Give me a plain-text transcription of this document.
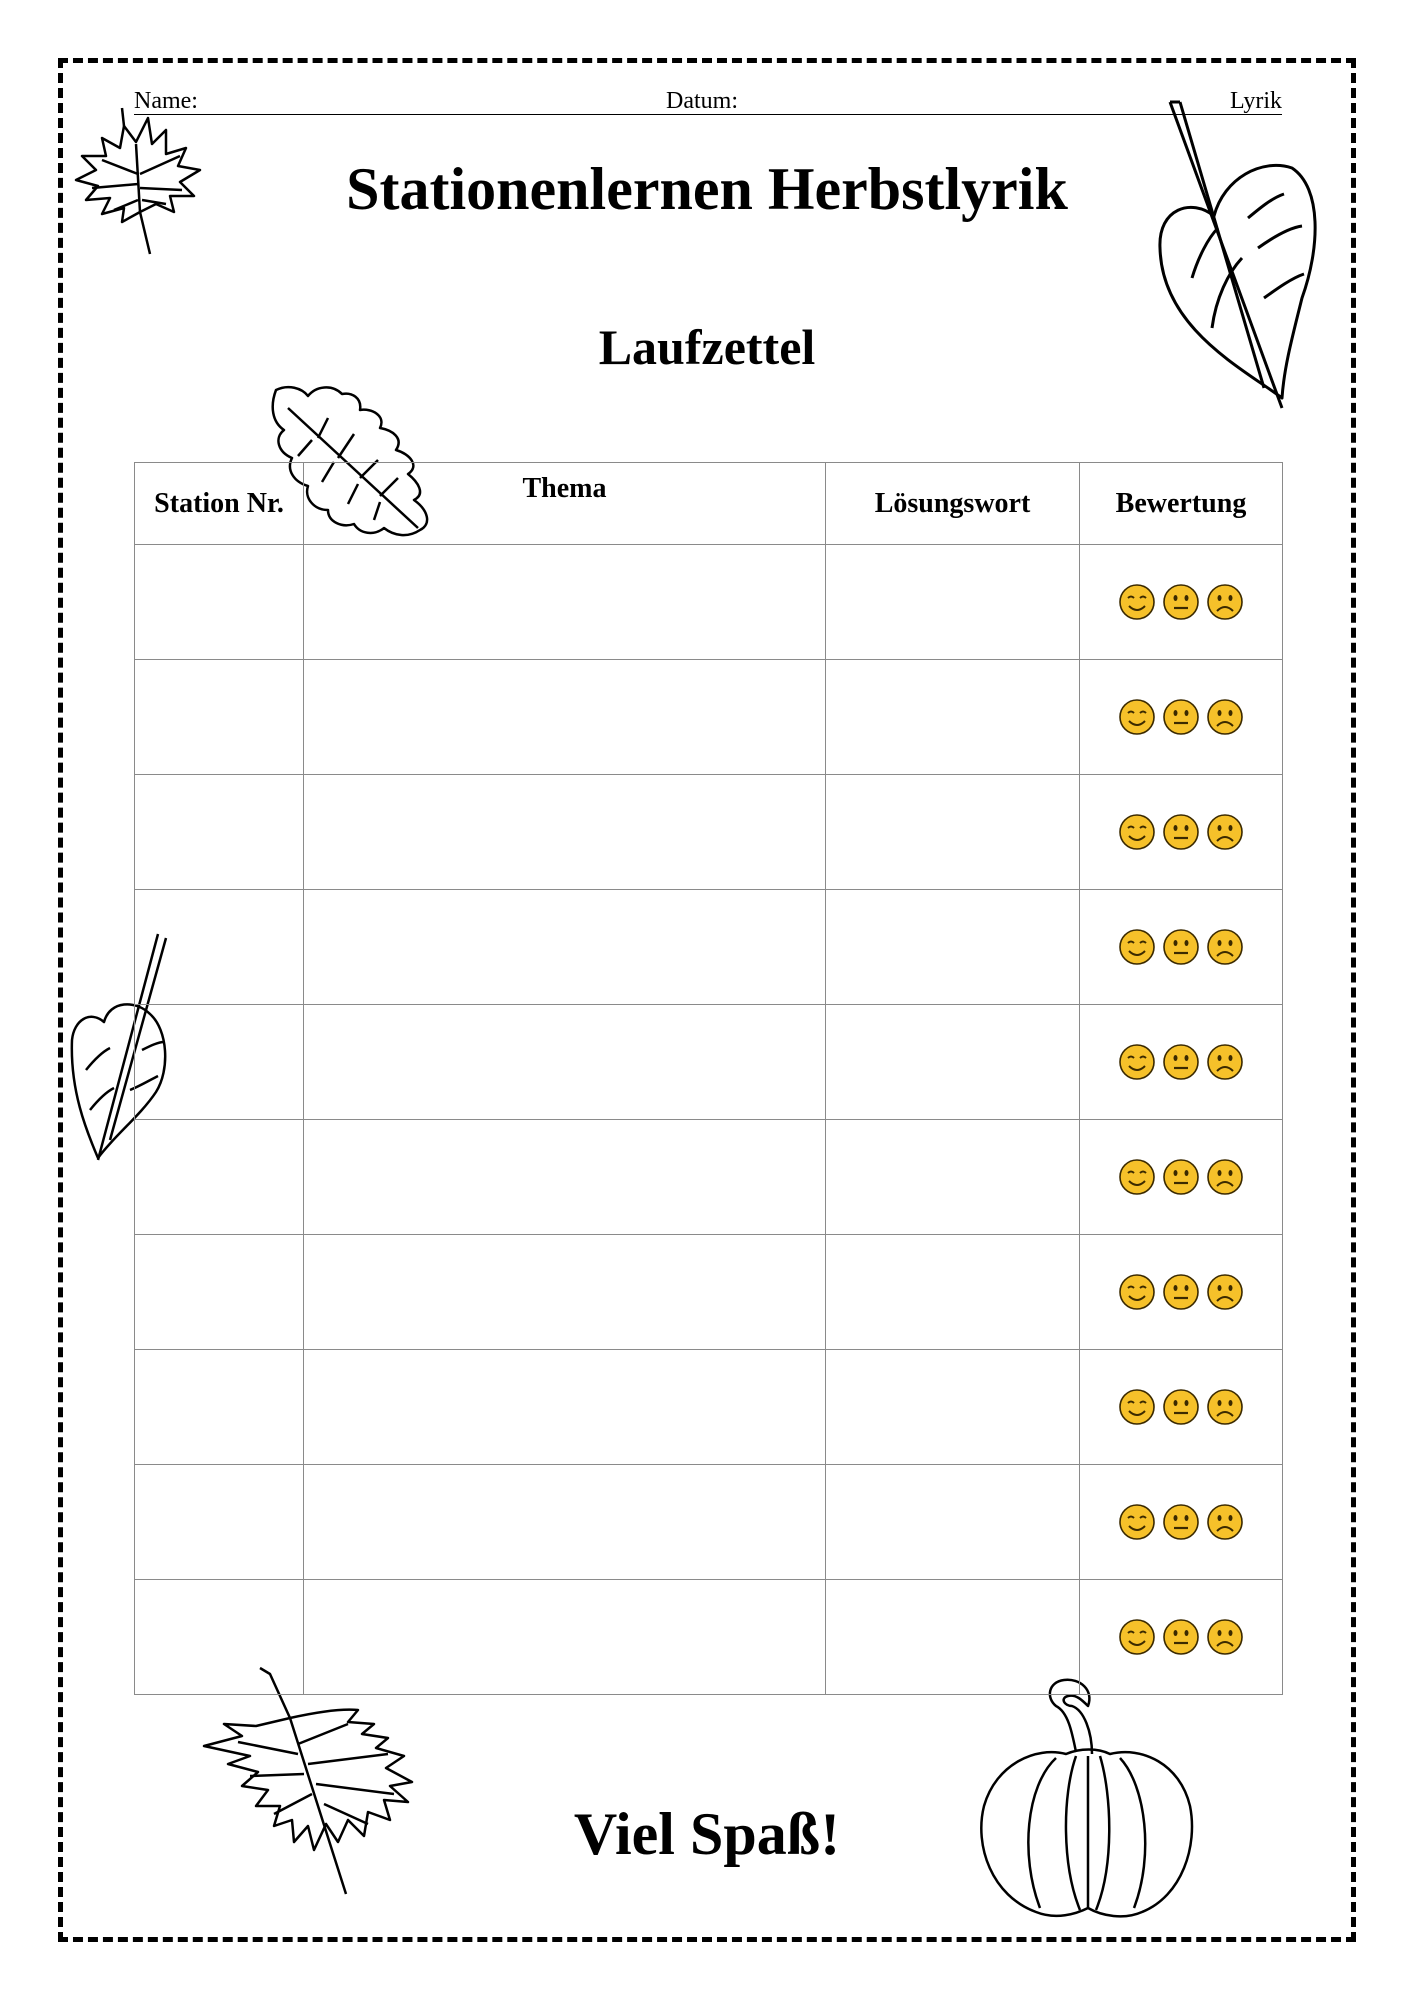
Name:	Datum:	Lyrik
Stationenlernen Herbstlyrik
Laufzettel
Station Nr.	Thema	Lösungswort	Bewertung

Viel Spaß!
